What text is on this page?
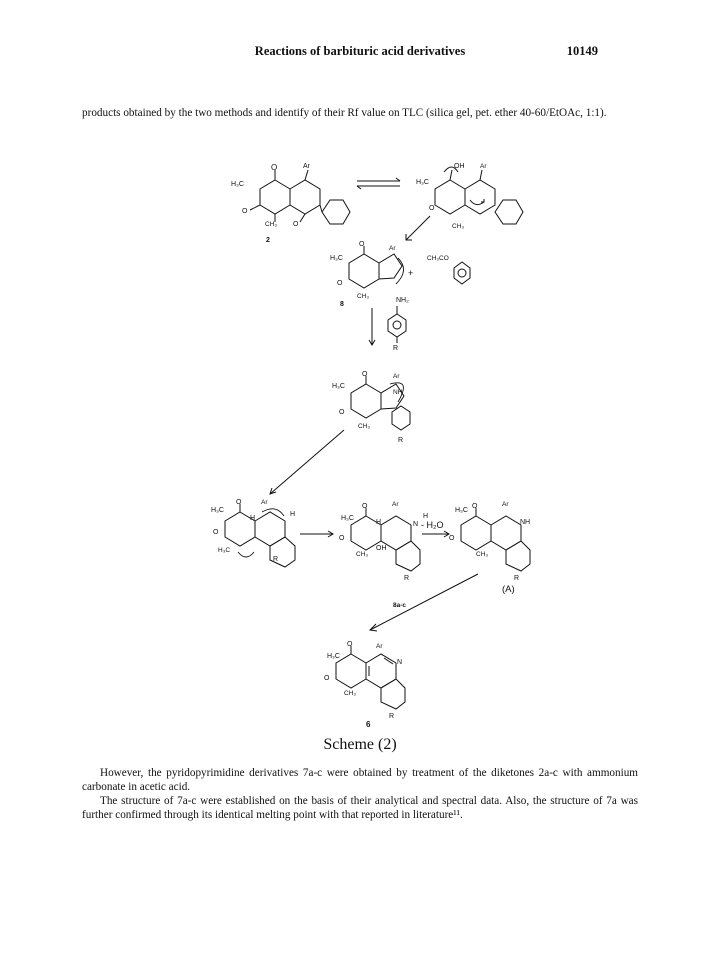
Reactions of barbituric acid derivatives	10149
products obtained by the two methods and identify of their Rf value on TLC (silica gel, pet. ether 40-60/EtOAc, 1:1).
O	Ar
H₃C
O
CH₃ O
2
OH Ar
H₃C
O
CH₃
O
Ar
H₃C
O
CH₃
8
+
CH₃CO
NH₂
R
O	Ar
H₃C
NH
O
CH₃
R
O	Ar
H₃C
H
H
O
H₃C
R
O	Ar
H₃C
H	N
H
O
CH₃
OH
R
- H₂O
O	Ar
H₃C
NH
O
CH₃
R
(A)
8a-c
O	Ar
H₃C
N
O
CH₃
R
6
Scheme (2)
However, the pyridopyrimidine derivatives 7a-c were obtained by treatment of the diketones 2a-c with ammonium carbonate in acetic acid.
The structure of 7a-c were established on the basis of their analytical and spectral data. Also, the structure of 7a was further confirmed through its identical melting point with that reported in literature¹¹.
